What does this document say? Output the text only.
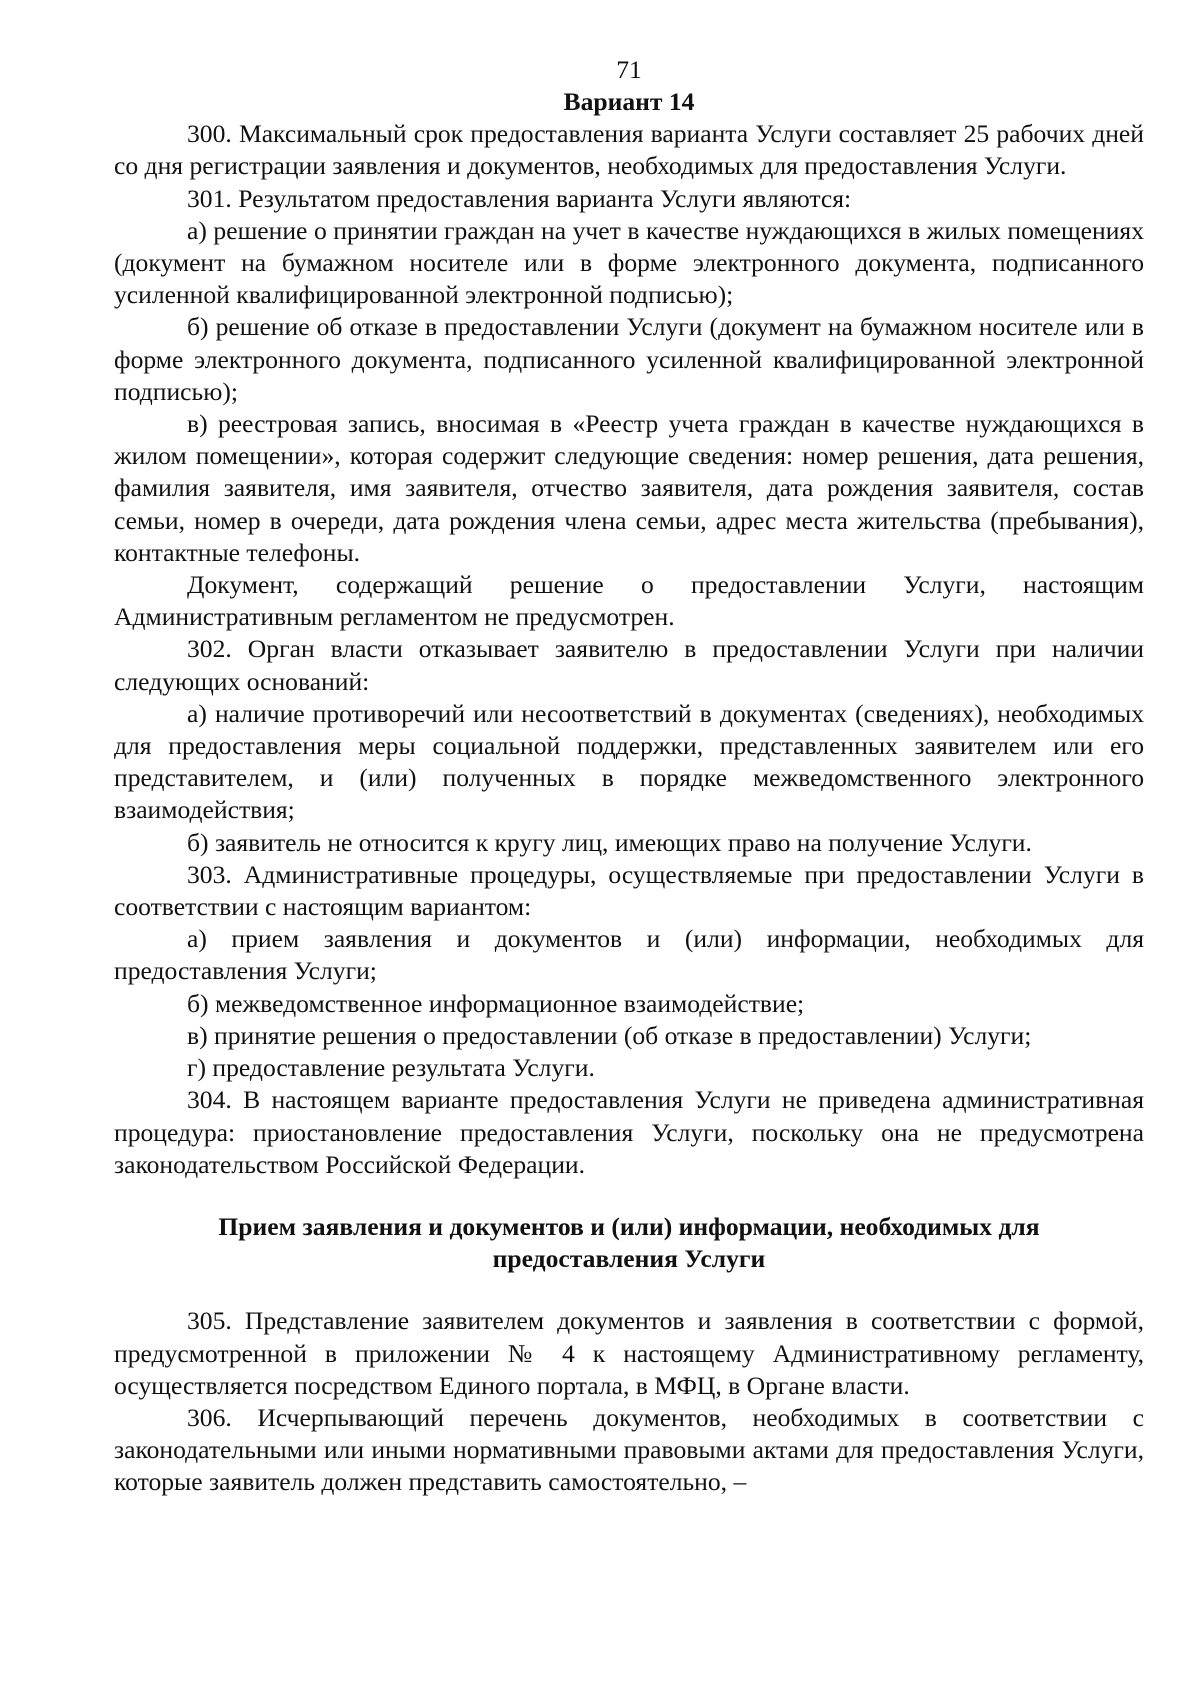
71
Вариант 14

300. Максимальный срок предоставления варианта Услуги составляет 25 рабочих дней со дня регистрации заявления и документов, необходимых для предоставления Услуги.

301. Результатом предоставления варианта Услуги являются:

а) решение о принятии граждан на учет в качестве нуждающихся в жилых помещениях (документ на бумажном носителе или в форме электронного документа, подписанного усиленной квалифицированной электронной подписью);

б) решение об отказе в предоставлении Услуги (документ на бумажном носителе или в форме электронного документа, подписанного усиленной квалифицированной электронной подписью);

в) реестровая запись, вносимая в «Реестр учета граждан в качестве нуждающихся в жилом помещении», которая содержит следующие сведения: номер решения, дата решения, фамилия заявителя, имя заявителя, отчество заявителя, дата рождения заявителя, состав семьи, номер в очереди, дата рождения члена семьи, адрес места жительства (пребывания), контактные телефоны.

Документ, содержащий решение о предоставлении Услуги, настоящим Административным регламентом не предусмотрен.

302. Орган власти отказывает заявителю в предоставлении Услуги при наличии следующих оснований:

а) наличие противоречий или несоответствий в документах (сведениях), необходимых для предоставления меры социальной поддержки, представленных заявителем или его представителем, и (или) полученных в порядке межведомственного электронного взаимодействия;

б) заявитель не относится к кругу лиц, имеющих право на получение Услуги.

303. Административные процедуры, осуществляемые при предоставлении Услуги в соответствии с настоящим вариантом:

а) прием заявления и документов и (или) информации, необходимых для предоставления Услуги;

б) межведомственное информационное взаимодействие;

в) принятие решения о предоставлении (об отказе в предоставлении) Услуги;

г) предоставление результата Услуги.

304. В настоящем варианте предоставления Услуги не приведена административная процедура: приостановление предоставления Услуги, поскольку она не предусмотрена законодательством Российской Федерации.

Прием заявления и документов и (или) информации, необходимых для
предоставления Услуги

305. Представление заявителем документов и заявления в соответствии с формой, предусмотренной в приложении № 4 к настоящему Административному регламенту, осуществляется посредством Единого портала, в МФЦ, в Органе власти.

306. Исчерпывающий перечень документов, необходимых в соответствии с законодательными или иными нормативными правовыми актами для предоставления Услуги, которые заявитель должен представить самостоятельно, –
